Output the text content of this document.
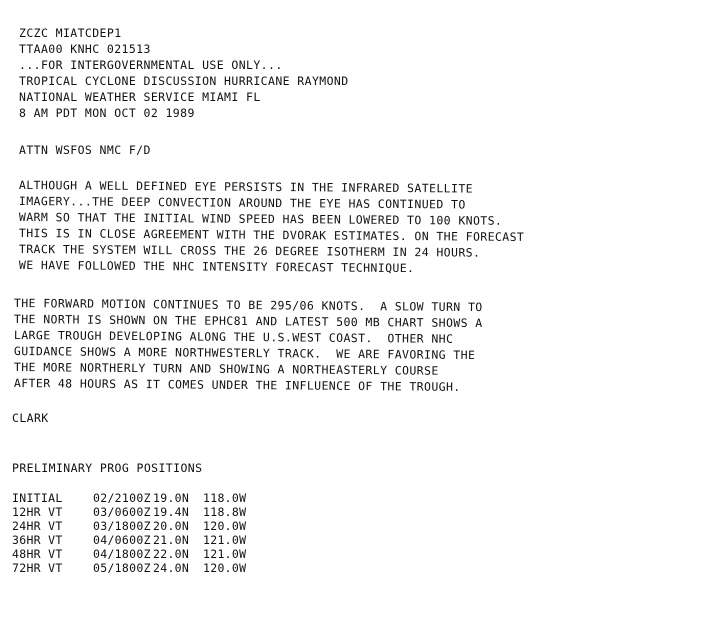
ZCZC MIATCDEP1
TTAA00 KNHC 021513
...FOR INTERGOVERNMENTAL USE ONLY...
TROPICAL CYCLONE DISCUSSION HURRICANE RAYMOND
NATIONAL WEATHER SERVICE MIAMI FL
8 AM PDT MON OCT 02 1989
ATTN WSFOS NMC F/D
ALTHOUGH A WELL DEFINED EYE PERSISTS IN THE INFRARED SATELLITE
IMAGERY...THE DEEP CONVECTION AROUND THE EYE HAS CONTINUED TO
WARM SO THAT THE INITIAL WIND SPEED HAS BEEN LOWERED TO 100 KNOTS.
THIS IS IN CLOSE AGREEMENT WITH THE DVORAK ESTIMATES. ON THE FORECAST
TRACK THE SYSTEM WILL CROSS THE 26 DEGREE ISOTHERM IN 24 HOURS.
WE HAVE FOLLOWED THE NHC INTENSITY FORECAST TECHNIQUE.
THE FORWARD MOTION CONTINUES TO BE 295/06 KNOTS.  A SLOW TURN TO
THE NORTH IS SHOWN ON THE EPHC81 AND LATEST 500 MB CHART SHOWS A
LARGE TROUGH DEVELOPING ALONG THE U.S.WEST COAST.  OTHER NHC
GUIDANCE SHOWS A MORE NORTHWESTERLY TRACK.  WE ARE FAVORING THE
THE MORE NORTHERLY TURN AND SHOWING A NORTHEASTERLY COURSE
AFTER 48 HOURS AS IT COMES UNDER THE INFLUENCE OF THE TROUGH.
CLARK
PRELIMINARY PROG POSITIONS
INITIAL	02/2100Z 19.0N	118.0W
12HR VT	03/0600Z 19.4N	118.8W
24HR VT	03/1800Z 20.0N	120.0W
36HR VT	04/0600Z 21.0N	121.0W
48HR VT	04/1800Z 22.0N	121.0W
72HR VT	05/1800Z 24.0N	120.0W
